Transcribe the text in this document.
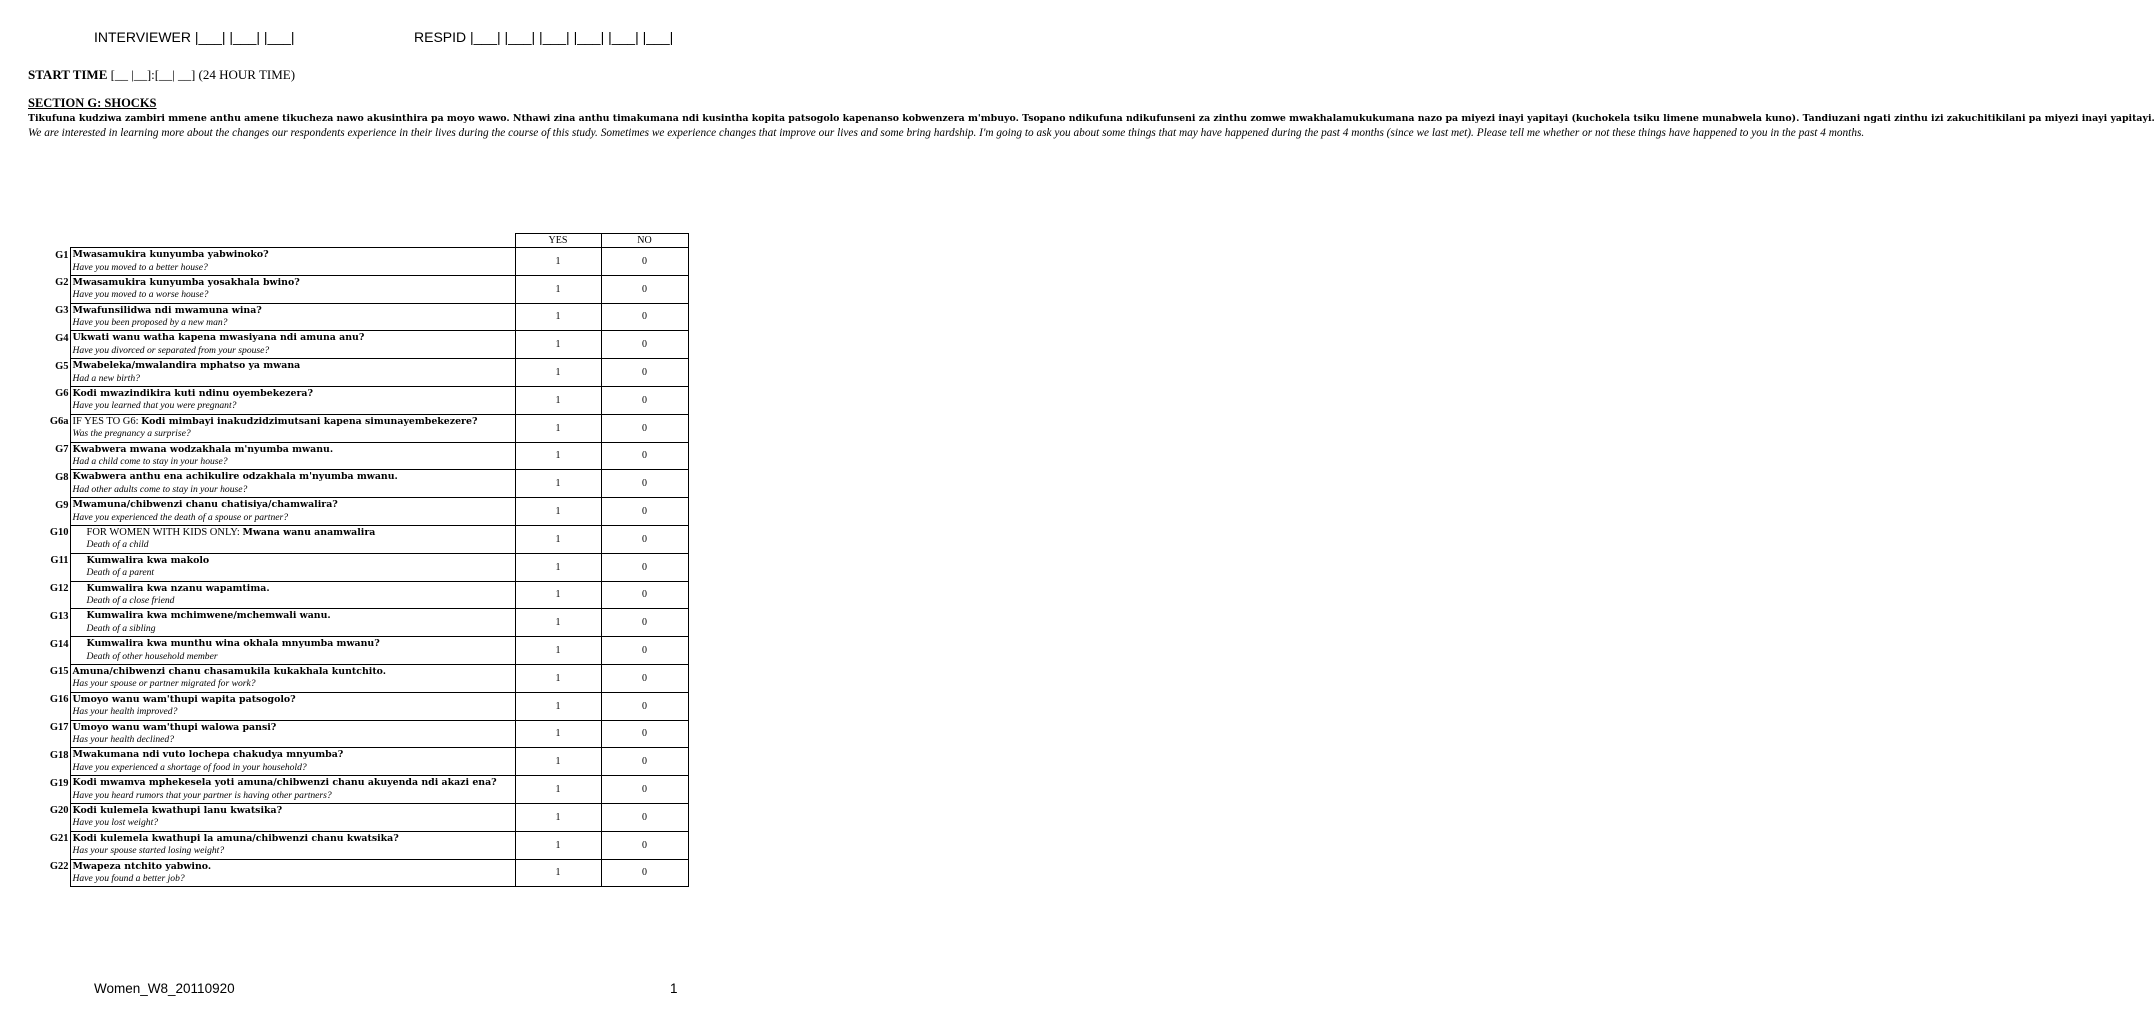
INTERVIEWER |___| |___| |___|	RESPID |___| |___| |___| |___| |___| |___|
START TIME [__ |__]:[__| __] (24 HOUR TIME)
SECTION G: SHOCKS
Tikufuna kudziwa zambiri mmene anthu amene tikucheza nawo akusinthira pa moyo wawo. Nthawi zina anthu timakumana ndi kusintha kopita patsogolo kapenanso kobwenzera m'mbuyo. Tsopano ndikufuna ndikufunseni za zinthu zomwe mwakhalamukukumana nazo pa miyezi inayi yapitayi (kuchokela tsiku limene munabwela kuno). Tandiuzani ngati zinthu izi zakuchitikilani pa miyezi inayi yapitayi.
We are interested in learning more about the changes our respondents experience in their lives during the course of this study. Sometimes we experience changes that improve our lives and some bring hardship. I'm going to ask you about some things that may have happened during the past 4 months (since we last met). Please tell me whether or not these things have happened to you in the past 4 months.
		YES	NO
G1	Mwasamukira kunyumba yabwinoko?
Have you moved to a better house?	1	0
G2	Mwasamukira kunyumba yosakhala bwino?
Have you moved to a worse house?	1	0
G3	Mwafunsilidwa ndi mwamuna wina?
Have you been proposed by a new man?	1	0
G4	Ukwati wanu watha kapena mwasiyana ndi amuna anu?
Have you divorced or separated from your spouse?	1	0
G5	Mwabeleka/mwalandira mphatso ya mwana
Had a new birth?	1	0
G6	Kodi mwazindikira kuti ndinu oyembekezera?
Have you learned that you were pregnant?	1	0
G6a	IF YES TO G6: Kodi mimbayi inakudzidzimutsani kapena simunayembekezere?
Was the pregnancy a surprise?	1	0
G7	Kwabwera mwana wodzakhala m'nyumba mwanu.
Had a child come to stay in your house?	1	0
G8	Kwabwera anthu ena achikulire odzakhala m'nyumba mwanu.
Had other adults come to stay in your house?	1	0
G9	Mwamuna/chibwenzi chanu chatisiya/chamwalira?
Have you experienced the death of a spouse or partner?	1	0
G10	FOR WOMEN WITH KIDS ONLY: Mwana wanu anamwalira
Death of a child	1	0
G11	Kumwalira kwa makolo
Death of a parent	1	0
G12	Kumwalira kwa nzanu wapamtima.
Death of a close friend	1	0
G13	Kumwalira kwa mchimwene/mchemwali wanu.
Death of a sibling	1	0
G14	Kumwalira kwa munthu wina okhala mnyumba mwanu?
Death of other household member	1	0
G15	Amuna/chibwenzi chanu chasamukila kukakhala kuntchito.
Has your spouse or partner migrated for work?	1	0
G16	Umoyo wanu wam'thupi wapita patsogolo?
Has your health improved?	1	0
G17	Umoyo wanu wam'thupi walowa pansi?
Has your health declined?	1	0
G18	Mwakumana ndi vuto lochepa chakudya mnyumba?
Have you experienced a shortage of food in your household?	1	0
G19	Kodi mwamva mphekesela yoti amuna/chibwenzi chanu akuyenda ndi akazi ena?
Have you heard rumors that your partner is having other partners?	1	0
G20	Kodi kulemela kwathupi lanu kwatsika?
Have you lost weight?	1	0
G21	Kodi kulemela kwathupi la amuna/chibwenzi chanu kwatsika?
Has your spouse started losing weight?	1	0
G22	Mwapeza ntchito yabwino.
Have you found a better job?	1	0
Women_W8_20110920	1
